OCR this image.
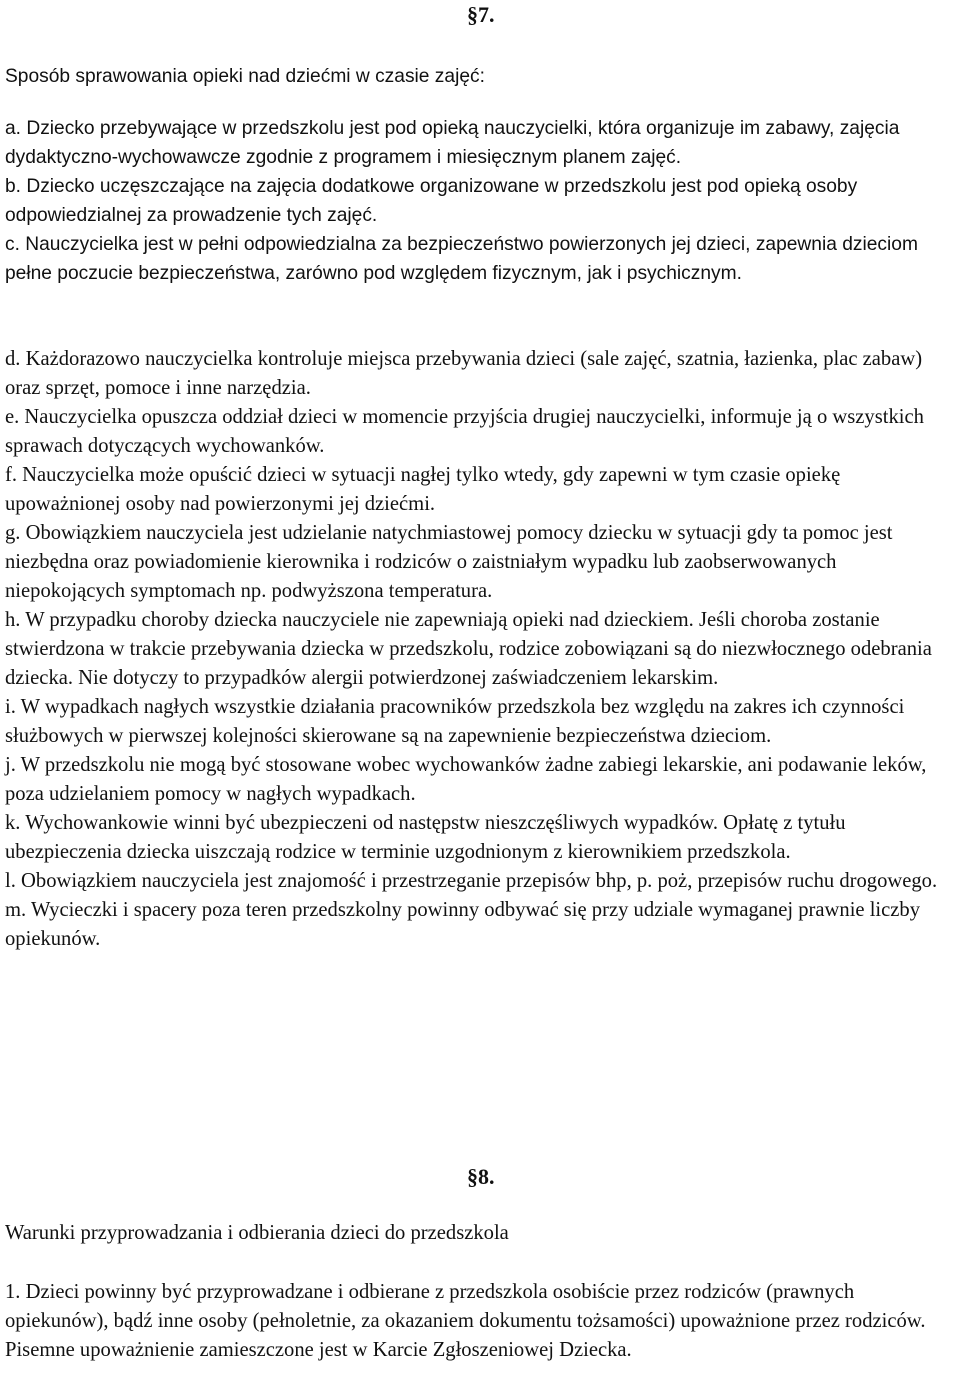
§7.

Sposób sprawowania opieki nad dziećmi w czasie zajęć:

a. Dziecko przebywające w przedszkolu jest pod opieką nauczycielki, która organizuje im zabawy, zajęcia dydaktyczno-wychowawcze zgodnie z programem i miesięcznym planem zajęć.

b. Dziecko uczęszczające na zajęcia dodatkowe organizowane w przedszkolu jest pod opieką osoby odpowiedzialnej za prowadzenie tych zajęć.

c. Nauczycielka jest w pełni odpowiedzialna za bezpieczeństwo powierzonych jej dzieci, zapewnia dzieciom pełne poczucie bezpieczeństwa, zarówno pod względem fizycznym, jak i psychicznym.

d. Każdorazowo nauczycielka kontroluje miejsca przebywania dzieci (sale zajęć, szatnia, łazienka, plac zabaw) oraz sprzęt, pomoce i inne narzędzia.

e. Nauczycielka opuszcza oddział dzieci w momencie przyjścia drugiej nauczycielki, informuje ją o wszystkich sprawach dotyczących wychowanków.

f. Nauczycielka może opuścić dzieci w sytuacji nagłej tylko wtedy, gdy zapewni w tym czasie opiekę upoważnionej osoby nad powierzonymi jej dziećmi.

g. Obowiązkiem nauczyciela jest udzielanie natychmiastowej pomocy dziecku w sytuacji gdy ta pomoc jest niezbędna oraz powiadomienie kierownika i rodziców o zaistniałym wypadku lub zaobserwowanych niepokojących symptomach np. podwyższona temperatura.

h. W przypadku choroby dziecka nauczyciele nie zapewniają opieki nad dzieckiem. Jeśli choroba zostanie stwierdzona w trakcie przebywania dziecka w przedszkolu, rodzice zobowiązani są do niezwłocznego odebrania dziecka. Nie dotyczy to przypadków alergii potwierdzonej zaświadczeniem lekarskim.

i. W wypadkach nagłych wszystkie działania pracowników przedszkola bez względu na zakres ich czynności służbowych w pierwszej kolejności skierowane są na zapewnienie bezpieczeństwa dzieciom.

j. W przedszkolu nie mogą być stosowane wobec wychowanków żadne zabiegi lekarskie, ani podawanie leków, poza udzielaniem pomocy w nagłych wypadkach.

k. Wychowankowie winni być ubezpieczeni od następstw nieszczęśliwych wypadków. Opłatę z tytułu ubezpieczenia dziecka uiszczają rodzice w terminie uzgodnionym z kierownikiem przedszkola.

l. Obowiązkiem nauczyciela jest znajomość i przestrzeganie przepisów bhp, p. poż, przepisów ruchu drogowego.

m. Wycieczki i spacery poza teren przedszkolny powinny odbywać się przy udziale wymaganej prawnie liczby opiekunów.

§8.

Warunki przyprowadzania i odbierania dzieci do przedszkola

1. Dzieci powinny być przyprowadzane i odbierane z przedszkola osobiście przez rodziców (prawnych opiekunów), bądź inne osoby (pełnoletnie, za okazaniem dokumentu tożsamości) upoważnione przez rodziców. Pisemne upoważnienie zamieszczone jest w Karcie Zgłoszeniowej Dziecka.
